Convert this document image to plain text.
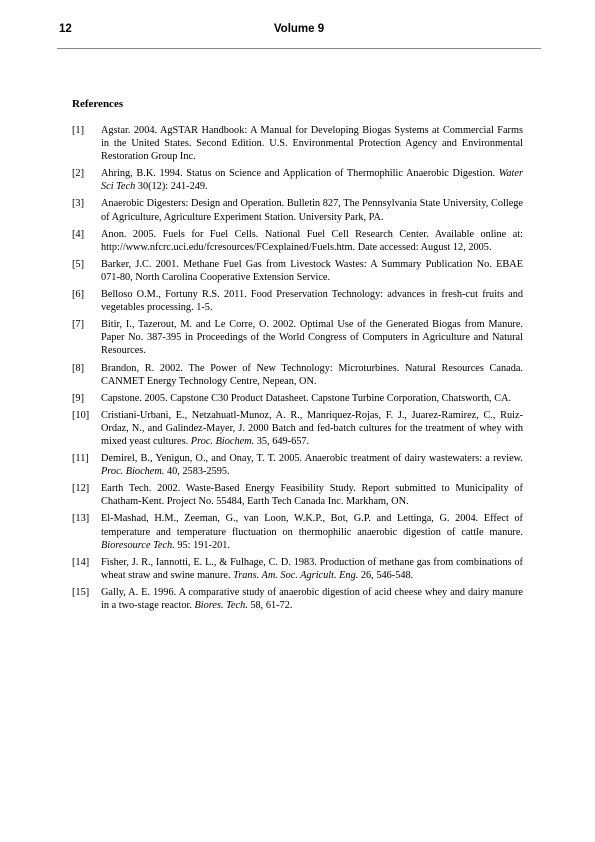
12	Volume 9
References
[1] Agstar. 2004. AgSTAR Handbook: A Manual for Developing Biogas Systems at Commercial Farms in the United States. Second Edition. U.S. Environmental Protection Agency and Environmental Restoration Group Inc.
[2] Ahring, B.K. 1994. Status on Science and Application of Thermophilic Anaerobic Digestion. Water Sci Tech 30(12): 241-249.
[3] Anaerobic Digesters: Design and Operation. Bulletin 827, The Pennsylvania State University, College of Agriculture, Agriculture Experiment Station. University Park, PA.
[4] Anon. 2005. Fuels for Fuel Cells. National Fuel Cell Research Center. Available online at: http://www.nfcrc.uci.edu/fcresources/FCexplained/Fuels.htm. Date accessed: August 12, 2005.
[5] Barker, J.C. 2001. Methane Fuel Gas from Livestock Wastes: A Summary Publication No. EBAE 071-80, North Carolina Cooperative Extension Service.
[6] Belloso O.M., Fortuny R.S. 2011. Food Preservation Technology: advances in fresh-cut fruits and vegetables processing. 1-5.
[7] Bitir, I., Tazerout, M. and Le Corre, O. 2002. Optimal Use of the Generated Biogas from Manure. Paper No. 387-395 in Proceedings of the World Congress of Computers in Agriculture and Natural Resources.
[8] Brandon, R. 2002. The Power of New Technology: Microturbines. Natural Resources Canada. CANMET Energy Technology Centre, Nepean, ON.
[9] Capstone. 2005. Capstone C30 Product Datasheet. Capstone Turbine Corporation, Chatsworth, CA.
[10] Cristiani-Urbani, E., Netzahuatl-Munoz, A. R., Manriquez-Rojas, F. J., Juarez-Ramirez, C., Ruiz-Ordaz, N., and Galindez-Mayer, J. 2000 Batch and fed-batch cultures for the treatment of whey with mixed yeast cultures. Proc. Biochem. 35, 649-657.
[11] Demirel, B., Yenigun, O., and Onay, T. T. 2005. Anaerobic treatment of dairy wastewaters: a review. Proc. Biochem. 40, 2583-2595.
[12] Earth Tech. 2002. Waste-Based Energy Feasibility Study. Report submitted to Municipality of Chatham-Kent. Project No. 55484, Earth Tech Canada Inc. Markham, ON.
[13] El-Mashad, H.M., Zeeman, G., van Loon, W.K.P., Bot, G.P. and Lettinga, G. 2004. Effect of temperature and temperature fluctuation on thermophilic anaerobic digestion of cattle manure. Bioresource Tech. 95: 191-201.
[14] Fisher, J. R., Iannotti, E. L., & Fulhage, C. D. 1983. Production of methane gas from combinations of wheat straw and swine manure. Trans. Am. Soc. Agricult. Eng. 26, 546-548.
[15] Gally, A. E. 1996. A comparative study of anaerobic digestion of acid cheese whey and dairy manure in a two-stage reactor. Biores. Tech. 58, 61-72.
